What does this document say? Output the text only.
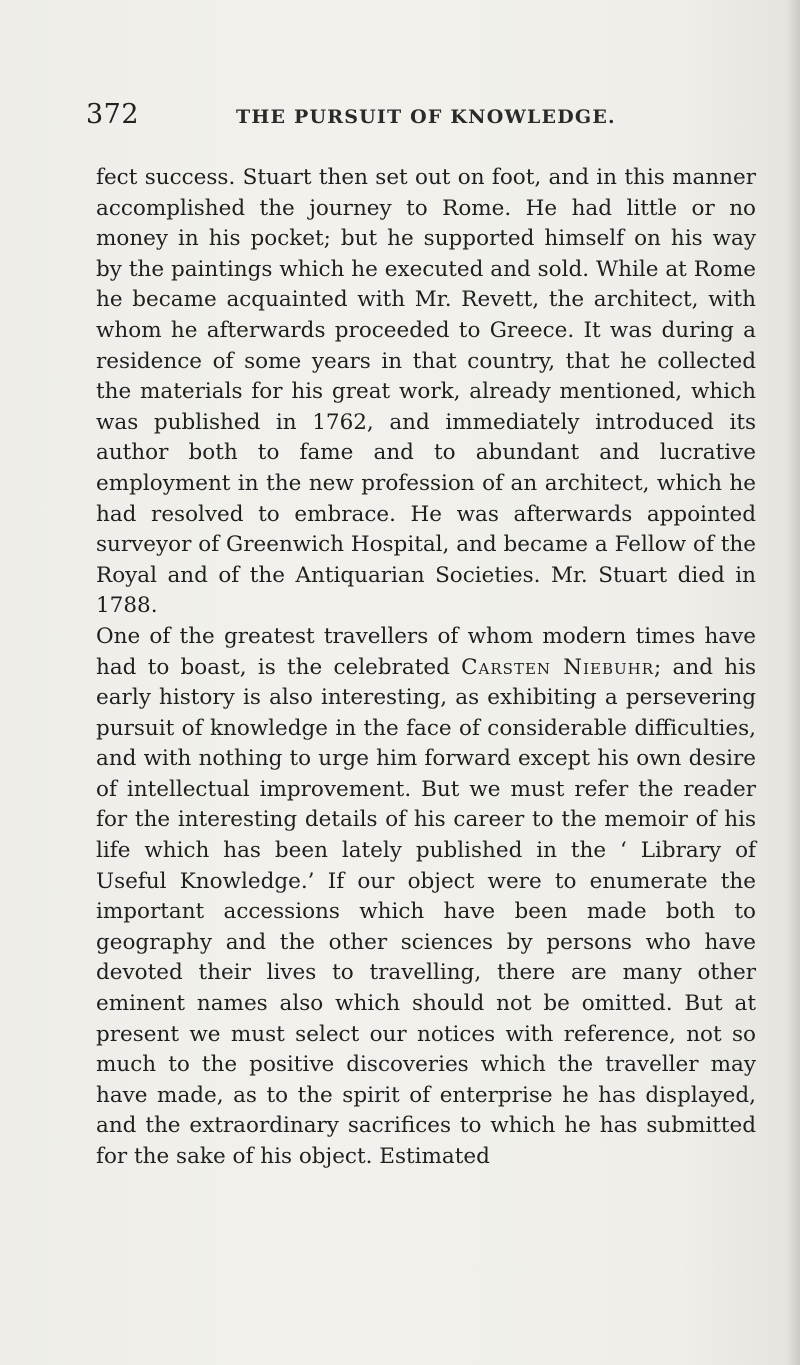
372	THE PURSUIT OF KNOWLEDGE.

fect success. Stuart then set out on foot, and in this manner accomplished the journey to Rome. He had little or no money in his pocket; but he supported himself on his way by the paintings which he executed and sold. While at Rome he became acquainted with Mr. Revett, the architect, with whom he afterwards proceeded to Greece. It was during a residence of some years in that country, that he collected the materials for his great work, already mentioned, which was published in 1762, and immediately introduced its author both to fame and to abundant and lucrative employment in the new profession of an architect, which he had resolved to embrace. He was afterwards appointed surveyor of Greenwich Hospital, and became a Fellow of the Royal and of the Antiquarian Societies. Mr. Stuart died in 1788.

One of the greatest travellers of whom modern times have had to boast, is the celebrated Carsten Niebuhr; and his early history is also interesting, as exhibiting a persevering pursuit of knowledge in the face of considerable difficulties, and with nothing to urge him forward except his own desire of intellectual improvement. But we must refer the reader for the interesting details of his career to the memoir of his life which has been lately published in the ‘ Library of Useful Knowledge.’ If our object were to enumerate the important accessions which have been made both to geography and the other sciences by persons who have devoted their lives to travelling, there are many other eminent names also which should not be omitted. But at present we must select our notices with reference, not so much to the positive discoveries which the traveller may have made, as to the spirit of enterprise he has displayed, and the extraordinary sacrifices to which he has submitted for the sake of his object. Estimated
